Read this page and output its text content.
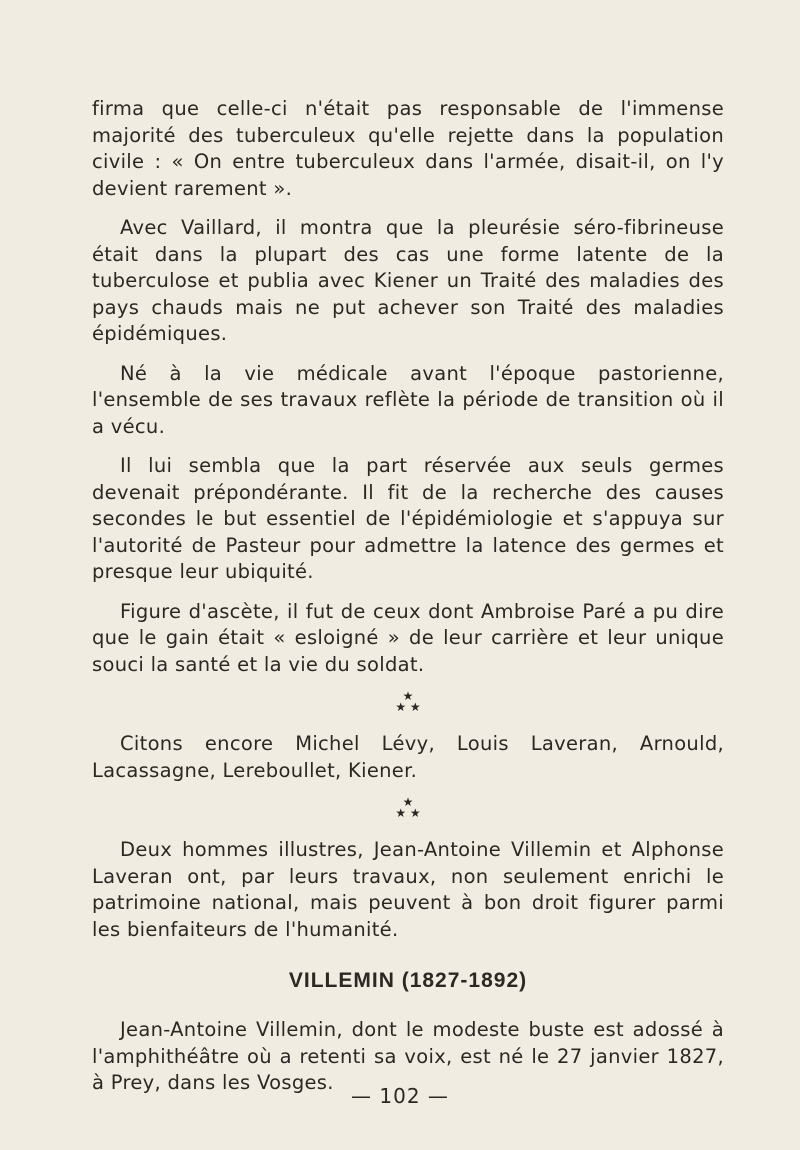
firma que celle-ci n'était pas responsable de l'immense majorité des tuberculeux qu'elle rejette dans la population civile : « On entre tuberculeux dans l'armée, disait-il, on l'y devient rarement ».

Avec Vaillard, il montra que la pleurésie séro-fibrineuse était dans la plupart des cas une forme latente de la tuberculose et publia avec Kiener un Traité des maladies des pays chauds mais ne put achever son Traité des maladies épidémiques.

Né à la vie médicale avant l'époque pastorienne, l'ensemble de ses travaux reflète la période de transition où il a vécu.

Il lui sembla que la part réservée aux seuls germes devenait prépondérante. Il fit de la recherche des causes secondes le but essentiel de l'épidémiologie et s'appuya sur l'autorité de Pasteur pour admettre la latence des germes et presque leur ubiquité.

Figure d'ascète, il fut de ceux dont Ambroise Paré a pu dire que le gain était « esloigné » de leur carrière et leur unique souci la santé et la vie du soldat.

★
★ ★

Citons encore Michel Lévy, Louis Laveran, Arnould, Lacassagne, Lereboullet, Kiener.

★
★ ★

Deux hommes illustres, Jean-Antoine Villemin et Alphonse Laveran ont, par leurs travaux, non seulement enrichi le patrimoine national, mais peuvent à bon droit figurer parmi les bienfaiteurs de l'humanité.

VILLEMIN (1827-1892)

Jean-Antoine Villemin, dont le modeste buste est adossé à l'amphithéâtre où a retenti sa voix, est né le 27 janvier 1827, à Prey, dans les Vosges.

— 102 —
